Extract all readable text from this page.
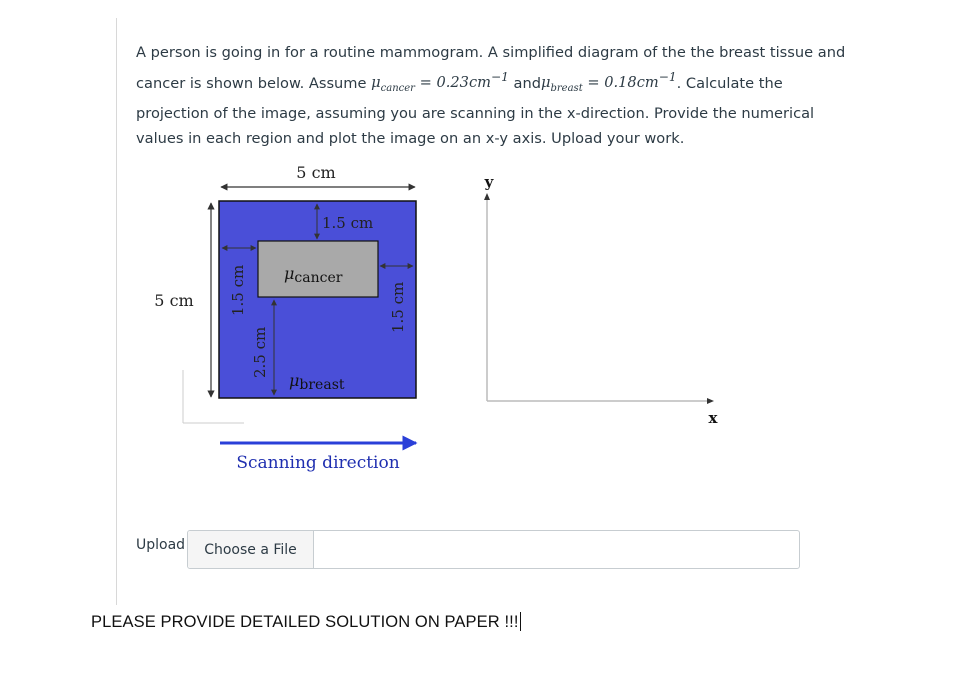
A person is going in for a routine mammogram. A simplified diagram of the the breast tissue and cancer is shown below. Assume $\mu_{cancer} = 0.23cm^{-1}$ $and\mu_{breast} = 0.18cm^{-1}$. Calculate the projection of the image, assuming you are scanning in the x-direction. Provide the numerical values in each region and plot the image on an x-y axis. Upload your work.
5 cm
5 cm
1.5 cm
1.5 cm
2.5 cm
1.5 cm
μcancer
μbreast
Scanning direction
y
x
Upload	Choose a File
PLEASE PROVIDE DETAILED SOLUTION ON PAPER !!!
